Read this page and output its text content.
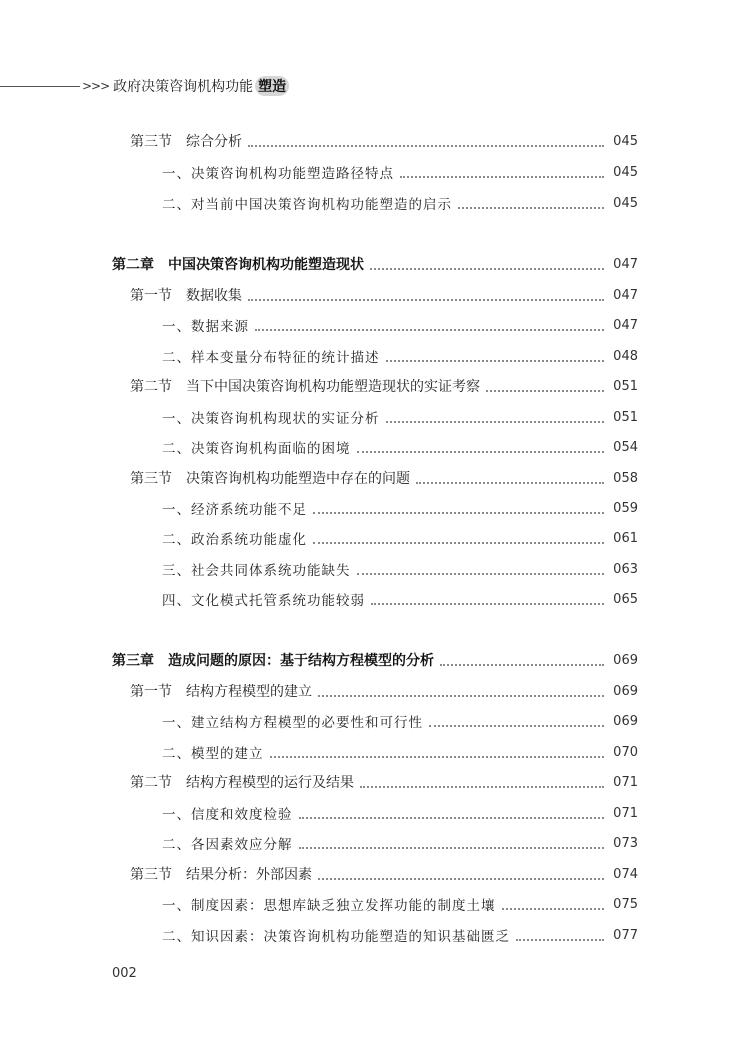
>>> 政府决策咨询机构功能 塑造
第三节　综合分析	045
一、决策咨询机构功能塑造路径特点	045
二、对当前中国决策咨询机构功能塑造的启示	045
第二章　中国决策咨询机构功能塑造现状	047
第一节　数据收集	047
一、数据来源	047
二、样本变量分布特征的统计描述	048
第二节　当下中国决策咨询机构功能塑造现状的实证考察	051
一、决策咨询机构现状的实证分析	051
二、决策咨询机构面临的困境	054
第三节　决策咨询机构功能塑造中存在的问题	058
一、经济系统功能不足	059
二、政治系统功能虚化	061
三、社会共同体系统功能缺失	063
四、文化模式托管系统功能较弱	065
第三章　造成问题的原因：基于结构方程模型的分析	069
第一节　结构方程模型的建立	069
一、建立结构方程模型的必要性和可行性	069
二、模型的建立	070
第二节　结构方程模型的运行及结果	071
一、信度和效度检验	071
二、各因素效应分解	073
第三节　结果分析：外部因素	074
一、制度因素：思想库缺乏独立发挥功能的制度土壤	075
二、知识因素：决策咨询机构功能塑造的知识基础匮乏	077
002
